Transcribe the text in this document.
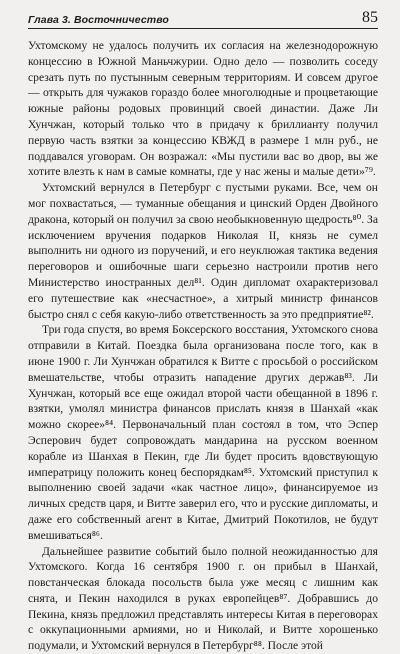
Глава 3. Восточничество	85

Ухтомскому не удалось получить их согласия на железнодорожную концессию в Южной Маньчжурии. Одно дело — позволить соседу срезать путь по пустынным северным территориям. И совсем другое — открыть для чужаков гораздо более многолюдные и процветающие южные районы родовых провинций своей династии. Даже Ли Хунчжан, который только что в придачу к бриллианту получил первую часть взятки за концессию КВЖД в размере 1 млн руб., не поддавался уговорам. Он возражал: «Мы пустили вас во двор, вы же хотите влезть к нам в самые комнаты, где у нас жены и малые дети»⁷⁹.

Ухтомский вернулся в Петербург с пустыми руками. Все, чем он мог похвастаться, — туманные обещания и цинский Орден Двойного дракона, который он получил за свою необыкновенную щедрость⁸⁰. За исключением вручения подарков Николая II, князь не сумел выполнить ни одного из поручений, и его неуклюжая тактика ведения переговоров и ошибочные шаги серьезно настроили против него Министерство иностранных дел⁸¹. Один дипломат охарактеризовал его путешествие как «несчастное», а хитрый министр финансов быстро снял с себя какую-либо ответственность за это предприятие⁸².

Три года спустя, во время Боксерского восстания, Ухтомского снова отправили в Китай. Поездка была организована после того, как в июне 1900 г. Ли Хунчжан обратился к Витте с просьбой о российском вмешательстве, чтобы отразить нападение других держав⁸³. Ли Хунчжан, который все еще ожидал второй части обещанной в 1896 г. взятки, умолял министра финансов прислать князя в Шанхай «как можно скорее»⁸⁴. Первоначальный план состоял в том, что Эспер Эсперович будет сопровождать мандарина на русском военном корабле из Шанхая в Пекин, где Ли будет просить вдовствующую императрицу положить конец беспорядкам⁸⁵. Ухтомский приступил к выполнению своей задачи «как частное лицо», финансируемое из личных средств царя, и Витте заверил его, что и русские дипломаты, и даже его собственный агент в Китае, Дмитрий Покотилов, не будут вмешиваться⁸⁶.

Дальнейшее развитие событий было полной неожиданностью для Ухтомского. Когда 16 сентября 1900 г. он прибыл в Шанхай, повстанческая блокада посольств была уже месяц с лишним как снята, и Пекин находился в руках европейцев⁸⁷. Добравшись до Пекина, князь предложил представлять интересы Китая в переговорах с оккупационными армиями, но и Николай, и Витте хорошенько подумали, и Ухтомский вернулся в Петербург⁸⁸. После этой
